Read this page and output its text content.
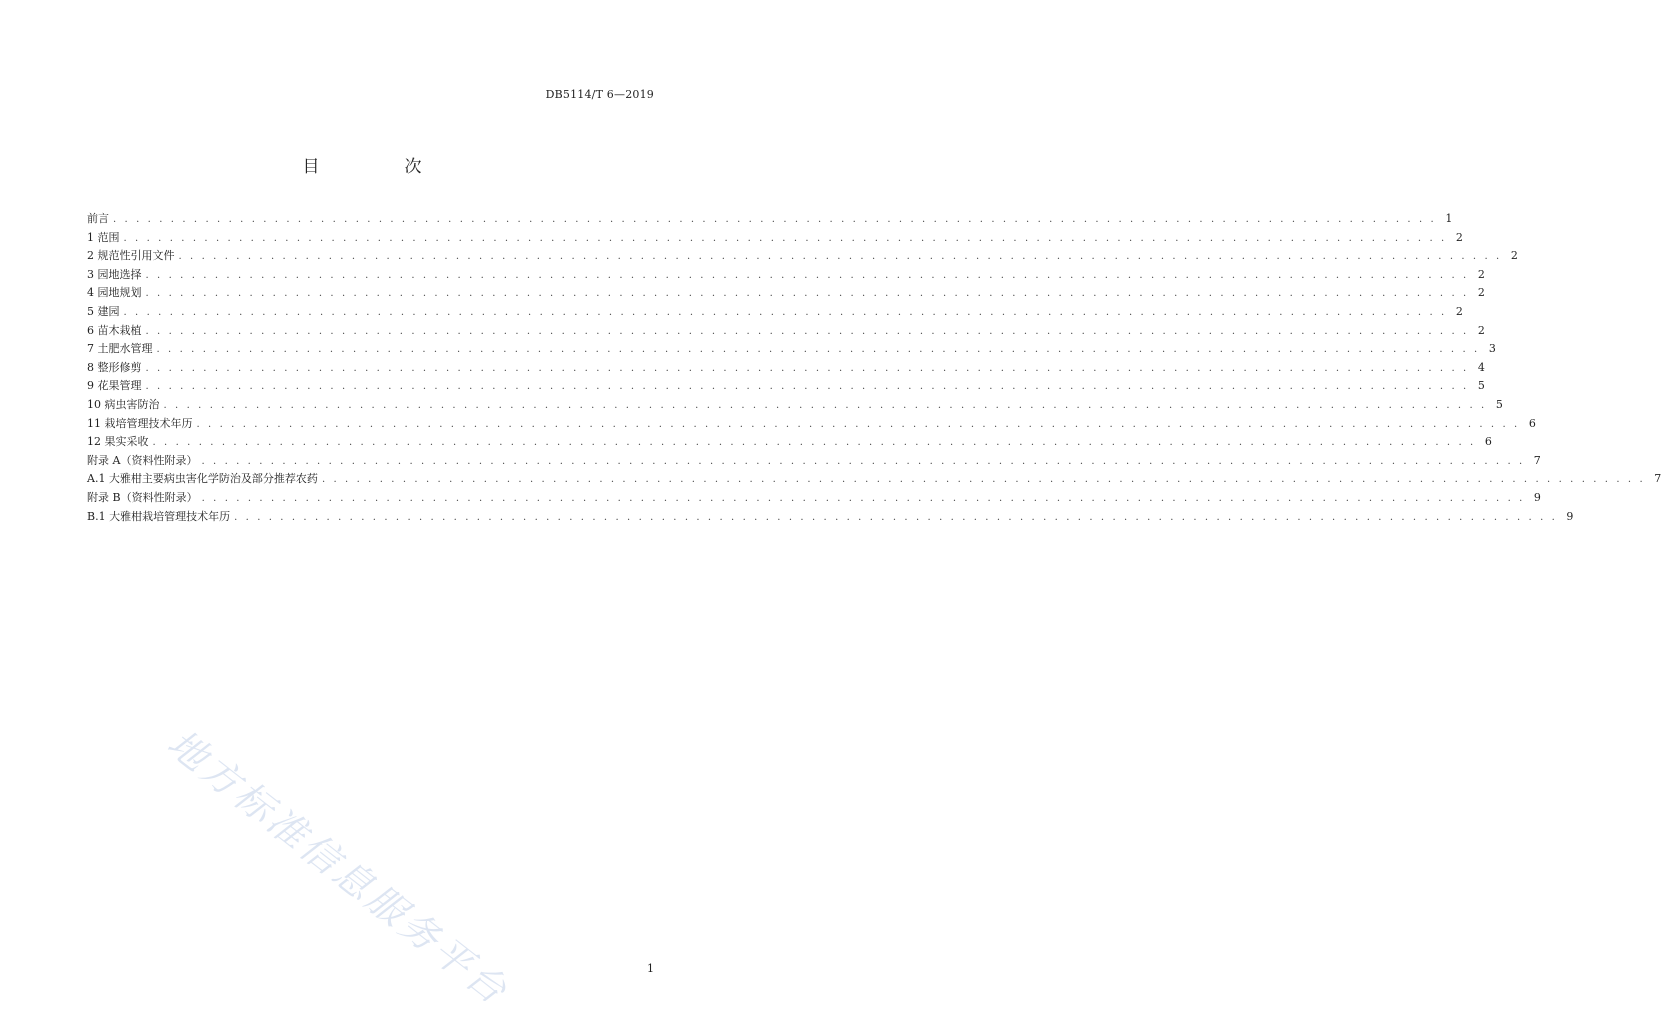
DB5114/T 6—2019
目　次
前言 . . . . . . . . . . . . . . . . . . . . . . . . . . . . . . . . . . . . . . . . . . . . . . . . . . . . . . . . . . . . . . . . . . . . . . . . . . . . . . . . . . . . . . . . . . . . . . . . . . . . . . . . . . . . . . . . . . . 1
1 范围 . . . . . . . . . . . . . . . . . . . . . . . . . . . . . . . . . . . . . . . . . . . . . . . . . . . . . . . . . . . . . . . . . . . . . . . . . . . . . . . . . . . . . . . . . . . . . . . . . . . . . . . . . . . . . . . . . . . 2
2 规范性引用文件 . . . . . . . . . . . . . . . . . . . . . . . . . . . . . . . . . . . . . . . . . . . . . . . . . . . . . . . . . . . . . . . . . . . . . . . . . . . . . . . . . . . . . . . . . . . . . . . . . . . . . . . . . . . . . . . . . . . 2
3 园地选择 . . . . . . . . . . . . . . . . . . . . . . . . . . . . . . . . . . . . . . . . . . . . . . . . . . . . . . . . . . . . . . . . . . . . . . . . . . . . . . . . . . . . . . . . . . . . . . . . . . . . . . . . . . . . . . . . . . . 2
4 园地规划 . . . . . . . . . . . . . . . . . . . . . . . . . . . . . . . . . . . . . . . . . . . . . . . . . . . . . . . . . . . . . . . . . . . . . . . . . . . . . . . . . . . . . . . . . . . . . . . . . . . . . . . . . . . . . . . . . . . 2
5 建园 . . . . . . . . . . . . . . . . . . . . . . . . . . . . . . . . . . . . . . . . . . . . . . . . . . . . . . . . . . . . . . . . . . . . . . . . . . . . . . . . . . . . . . . . . . . . . . . . . . . . . . . . . . . . . . . . . . . 2
6 苗木栽植 . . . . . . . . . . . . . . . . . . . . . . . . . . . . . . . . . . . . . . . . . . . . . . . . . . . . . . . . . . . . . . . . . . . . . . . . . . . . . . . . . . . . . . . . . . . . . . . . . . . . . . . . . . . . . . . . . . . 2
7 土肥水管理 . . . . . . . . . . . . . . . . . . . . . . . . . . . . . . . . . . . . . . . . . . . . . . . . . . . . . . . . . . . . . . . . . . . . . . . . . . . . . . . . . . . . . . . . . . . . . . . . . . . . . . . . . . . . . . . . . . . 3
8 整形修剪 . . . . . . . . . . . . . . . . . . . . . . . . . . . . . . . . . . . . . . . . . . . . . . . . . . . . . . . . . . . . . . . . . . . . . . . . . . . . . . . . . . . . . . . . . . . . . . . . . . . . . . . . . . . . . . . . . . . 4
9 花果管理 . . . . . . . . . . . . . . . . . . . . . . . . . . . . . . . . . . . . . . . . . . . . . . . . . . . . . . . . . . . . . . . . . . . . . . . . . . . . . . . . . . . . . . . . . . . . . . . . . . . . . . . . . . . . . . . . . . . 5
10 病虫害防治 . . . . . . . . . . . . . . . . . . . . . . . . . . . . . . . . . . . . . . . . . . . . . . . . . . . . . . . . . . . . . . . . . . . . . . . . . . . . . . . . . . . . . . . . . . . . . . . . . . . . . . . . . . . . . . . . . . . 5
11 栽培管理技术年历 . . . . . . . . . . . . . . . . . . . . . . . . . . . . . . . . . . . . . . . . . . . . . . . . . . . . . . . . . . . . . . . . . . . . . . . . . . . . . . . . . . . . . . . . . . . . . . . . . . . . . . . . . . . . . . . . . . . 6
12 果实采收 . . . . . . . . . . . . . . . . . . . . . . . . . . . . . . . . . . . . . . . . . . . . . . . . . . . . . . . . . . . . . . . . . . . . . . . . . . . . . . . . . . . . . . . . . . . . . . . . . . . . . . . . . . . . . . . . . . . 6
附录 A（资料性附录） . . . . . . . . . . . . . . . . . . . . . . . . . . . . . . . . . . . . . . . . . . . . . . . . . . . . . . . . . . . . . . . . . . . . . . . . . . . . . . . . . . . . . . . . . . . . . . . . . . . . . . . . . . . . . . . . . . . 7
A.1 大雅柑主要病虫害化学防治及部分推荐农药 . . . . . . . . . . . . . . . . . . . . . . . . . . . . . . . . . . . . . . . . . . . . . . . . . . . . . . . . . . . . . . . . . . . . . . . . . . . . . . . . . . . . . . . . . . . . . . . . . . . . . . . . . . . . . . . . . . . 7
附录 B（资料性附录） . . . . . . . . . . . . . . . . . . . . . . . . . . . . . . . . . . . . . . . . . . . . . . . . . . . . . . . . . . . . . . . . . . . . . . . . . . . . . . . . . . . . . . . . . . . . . . . . . . . . . . . . . . . . . . . . . . . 9
B.1 大雅柑栽培管理技术年历 . . . . . . . . . . . . . . . . . . . . . . . . . . . . . . . . . . . . . . . . . . . . . . . . . . . . . . . . . . . . . . . . . . . . . . . . . . . . . . . . . . . . . . . . . . . . . . . . . . . . . . . . . . . . . . . . . . . 9
地方标准信息服务平台	1
